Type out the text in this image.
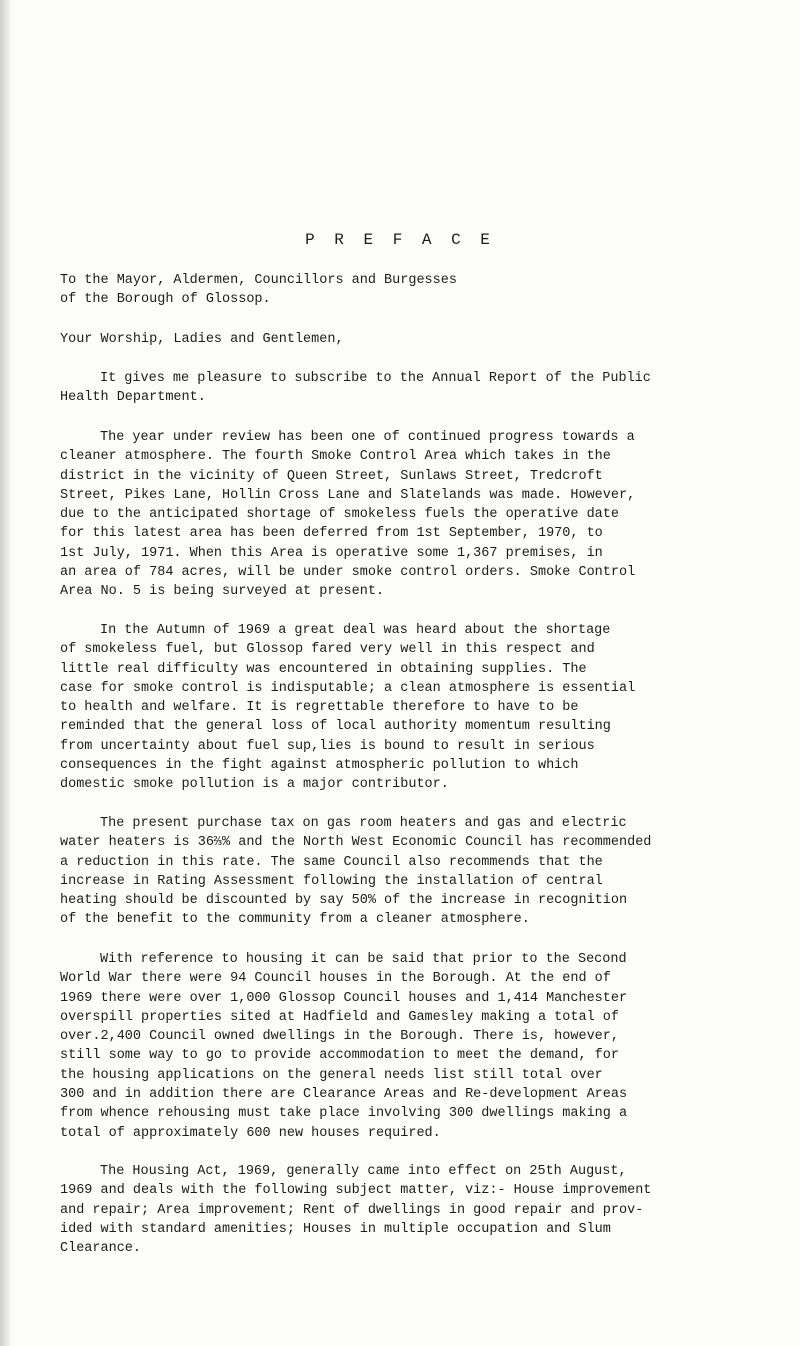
P R E F A C E

To the Mayor, Aldermen, Councillors and Burgesses
of the Borough of Glossop.

Your Worship, Ladies and Gentlemen,

It gives me pleasure to subscribe to the Annual Report of the Public
Health Department.

The year under review has been one of continued progress towards a
cleaner atmosphere. The fourth Smoke Control Area which takes in the
district in the vicinity of Queen Street, Sunlaws Street, Tredcroft
Street, Pikes Lane, Hollin Cross Lane and Slatelands was made. However,
due to the anticipated shortage of smokeless fuels the operative date
for this latest area has been deferred from 1st September, 1970, to
1st July, 1971. When this Area is operative some 1,367 premises, in
an area of 784 acres, will be under smoke control orders. Smoke Control
Area No. 5 is being surveyed at present.

In the Autumn of 1969 a great deal was heard about the shortage
of smokeless fuel, but Glossop fared very well in this respect and
little real difficulty was encountered in obtaining supplies. The
case for smoke control is indisputable; a clean atmosphere is essential
to health and welfare. It is regrettable therefore to have to be
reminded that the general loss of local authority momentum resulting
from uncertainty about fuel sup,lies is bound to result in serious
consequences in the fight against atmospheric pollution to which
domestic smoke pollution is a major contributor.

The present purchase tax on gas room heaters and gas and electric
water heaters is 36⅔% and the North West Economic Council has recommended
a reduction in this rate. The same Council also recommends that the
increase in Rating Assessment following the installation of central
heating should be discounted by say 50% of the increase in recognition
of the benefit to the community from a cleaner atmosphere.

With reference to housing it can be said that prior to the Second
World War there were 94 Council houses in the Borough. At the end of
1969 there were over 1,000 Glossop Council houses and 1,414 Manchester
overspill properties sited at Hadfield and Gamesley making a total of
over.2,400 Council owned dwellings in the Borough. There is, however,
still some way to go to provide accommodation to meet the demand, for
the housing applications on the general needs list still total over
300 and in addition there are Clearance Areas and Re-development Areas
from whence rehousing must take place involving 300 dwellings making a
total of approximately 600 new houses required.

The Housing Act, 1969, generally came into effect on 25th August,
1969 and deals with the following subject matter, viz:- House improvement
and repair; Area improvement; Rent of dwellings in good repair and prov-
ided with standard amenities; Houses in multiple occupation and Slum
Clearance.
